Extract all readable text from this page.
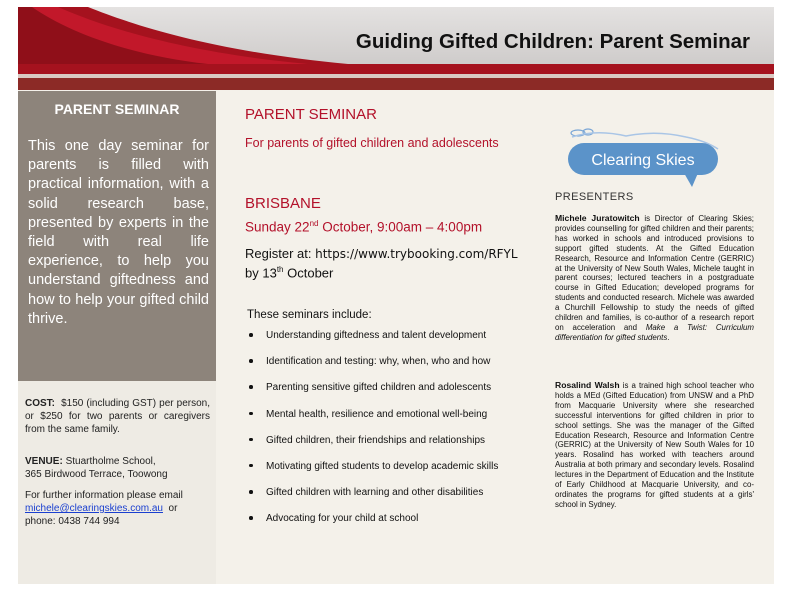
Guiding Gifted Children: Parent Seminar
PARENT SEMINAR
This one day seminar for parents is filled with practical information, with a solid research base, presented by experts in the field with real life experience, to help you understand giftedness and how to help your gifted child thrive.
COST: $150 (including GST) per person, or $250 for two parents or caregivers from the same family.
VENUE: Stuartholme School,
365 Birdwood Terrace, Toowong
For further information please email
michele@clearingskies.com.au or
phone: 0438 744 994
PARENT SEMINAR
For parents of gifted children and adolescents
BRISBANE
Sunday 22nd October, 9:00am – 4:00pm
Register at: https://www.trybooking.com/RFYL
by 13th October
These seminars include:
Understanding giftedness and talent development
Identification and testing: why, when, who and how
Parenting sensitive gifted children and adolescents
Mental health, resilience and emotional well-being
Gifted children, their friendships and relationships
Motivating gifted students to develop academic skills
Gifted children with learning and other disabilities
Advocating for your child at school
Clearing Skies
PRESENTERS
Michele Juratowitch is Director of Clearing Skies; provides counselling for gifted children and their parents; has worked in schools and introduced provisions to support gifted students. At the Gifted Education Research, Resource and Information Centre (GERRIC) at the University of New South Wales, Michele taught in parent courses; lectured teachers in a postgraduate course in Gifted Education; developed programs for students and conducted research. Michele was awarded a Churchill Fellowship to study the needs of gifted children and families, is co-author of a research report on acceleration and Make a Twist: Curriculum differentiation for gifted students.
Rosalind Walsh is a trained high school teacher who holds a MEd (Gifted Education) from UNSW and a PhD from Macquarie University where she researched successful interventions for gifted children in prior to school settings. She was the manager of the Gifted Education Research, Resource and Information Centre (GERRIC) at the University of New South Wales for 10 years. Rosalind has worked with teachers around Australia at both primary and secondary levels. Rosalind lectures in the Department of Education and the Institute of Early Childhood at Macquarie University, and co-ordinates the programs for gifted students at a girls' school in Sydney.
